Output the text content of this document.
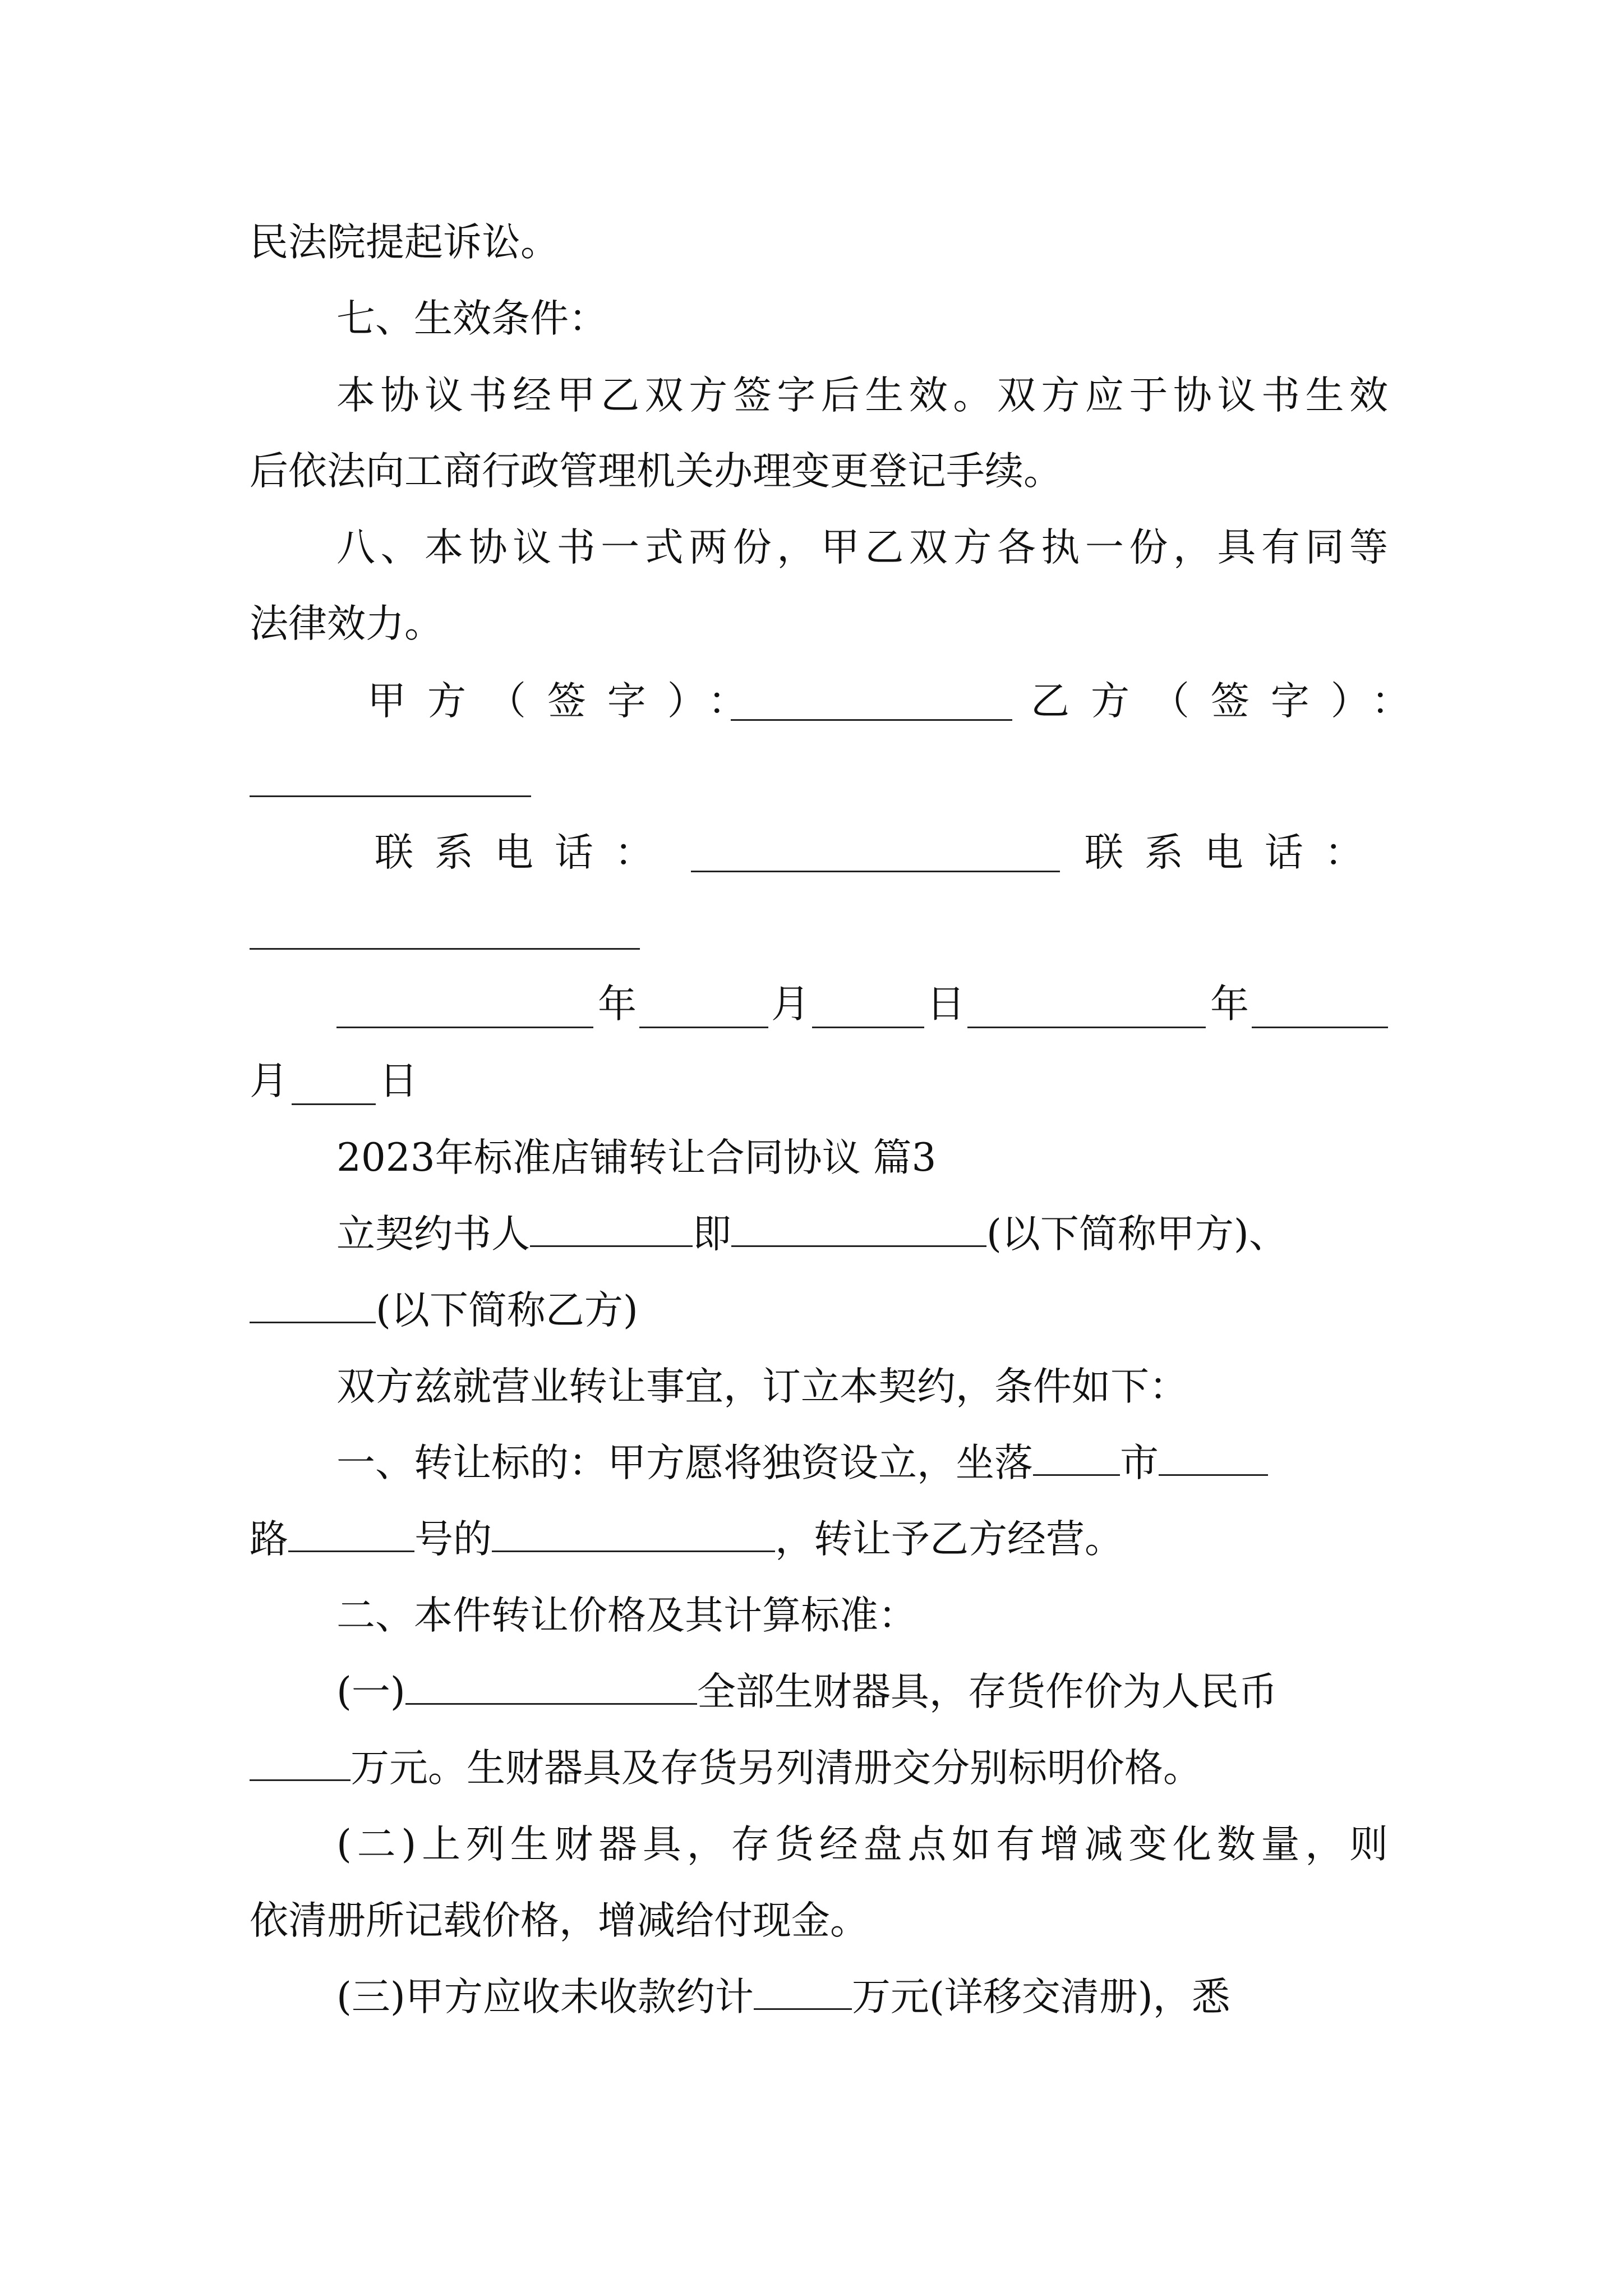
民法院提起诉讼。
七、生效条件：
本协议书经甲乙双方签字后生效。双方应于协议书生效
后依法向工商行政管理机关办理变更登记手续。
八、本协议书一式两份，甲乙双方各执一份，具有同等
法律效力。
甲方（签字）：	乙方（签字）：
联系电话：	联系电话：
年	月	日	年
月 日
2023年标准店铺转让合同协议 篇3
立契约书人	即	(以下简称甲方)、
(以下简称乙方)
双方兹就营业转让事宜，订立本契约，条件如下：
一、转让标的：甲方愿将独资设立，坐落 市
路	号的	，转让予乙方经营。
二、本件转让价格及其计算标准：
(一)	全部生财器具，存货作价为人民币
万元。生财器具及存货另列清册交分别标明价格。
(二)上列生财器具，存货经盘点如有增减变化数量，则
依清册所记载价格，增减给付现金。
(三)甲方应收未收款约计	万元(详移交清册)，悉
